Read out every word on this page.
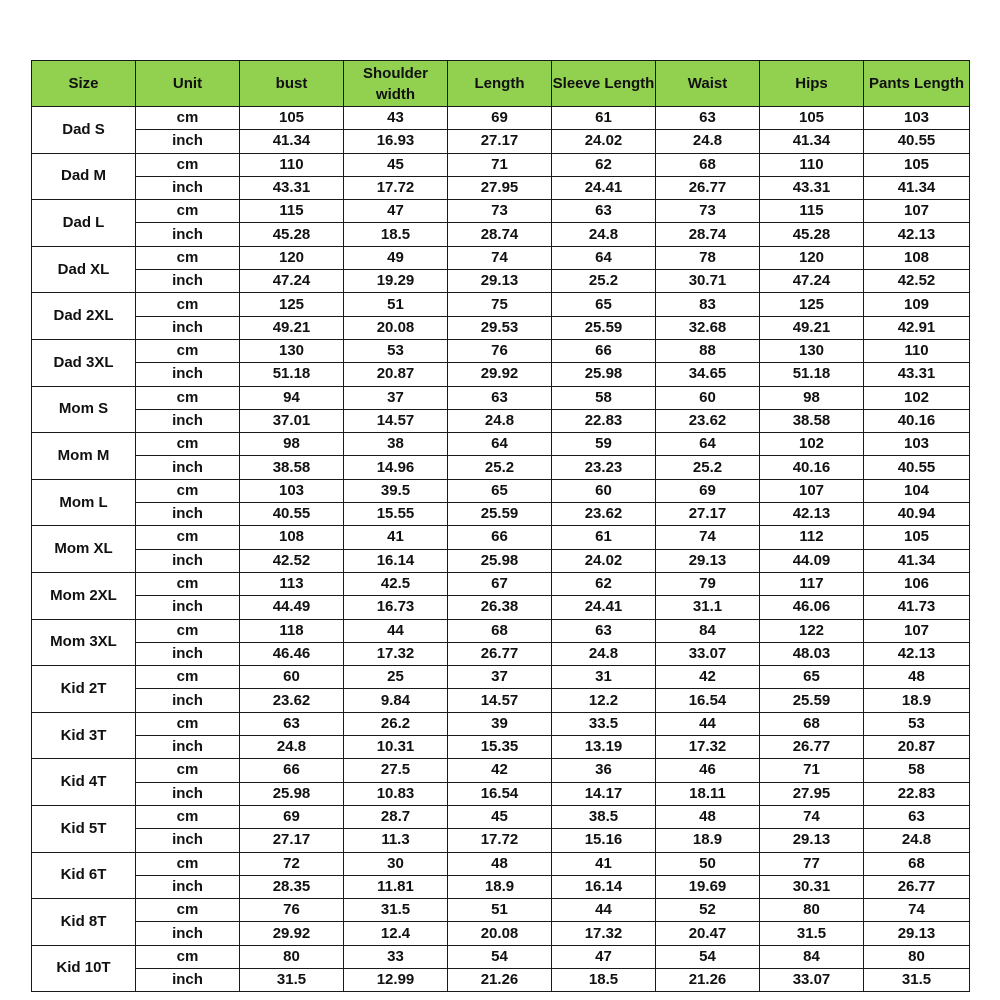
Size	Unit	bust	Shoulder width	Length	Sleeve Length	Waist	Hips	Pants Length
Dad S	cm	105	43	69	61	63	105	103
	inch	41.34	16.93	27.17	24.02	24.8	41.34	40.55
Dad M	cm	110	45	71	62	68	110	105
	inch	43.31	17.72	27.95	24.41	26.77	43.31	41.34
Dad L	cm	115	47	73	63	73	115	107
	inch	45.28	18.5	28.74	24.8	28.74	45.28	42.13
Dad XL	cm	120	49	74	64	78	120	108
	inch	47.24	19.29	29.13	25.2	30.71	47.24	42.52
Dad 2XL	cm	125	51	75	65	83	125	109
	inch	49.21	20.08	29.53	25.59	32.68	49.21	42.91
Dad 3XL	cm	130	53	76	66	88	130	110
	inch	51.18	20.87	29.92	25.98	34.65	51.18	43.31
Mom S	cm	94	37	63	58	60	98	102
	inch	37.01	14.57	24.8	22.83	23.62	38.58	40.16
Mom M	cm	98	38	64	59	64	102	103
	inch	38.58	14.96	25.2	23.23	25.2	40.16	40.55
Mom L	cm	103	39.5	65	60	69	107	104
	inch	40.55	15.55	25.59	23.62	27.17	42.13	40.94
Mom XL	cm	108	41	66	61	74	112	105
	inch	42.52	16.14	25.98	24.02	29.13	44.09	41.34
Mom 2XL	cm	113	42.5	67	62	79	117	106
	inch	44.49	16.73	26.38	24.41	31.1	46.06	41.73
Mom 3XL	cm	118	44	68	63	84	122	107
	inch	46.46	17.32	26.77	24.8	33.07	48.03	42.13
Kid 2T	cm	60	25	37	31	42	65	48
	inch	23.62	9.84	14.57	12.2	16.54	25.59	18.9
Kid 3T	cm	63	26.2	39	33.5	44	68	53
	inch	24.8	10.31	15.35	13.19	17.32	26.77	20.87
Kid 4T	cm	66	27.5	42	36	46	71	58
	inch	25.98	10.83	16.54	14.17	18.11	27.95	22.83
Kid 5T	cm	69	28.7	45	38.5	48	74	63
	inch	27.17	11.3	17.72	15.16	18.9	29.13	24.8
Kid 6T	cm	72	30	48	41	50	77	68
	inch	28.35	11.81	18.9	16.14	19.69	30.31	26.77
Kid 8T	cm	76	31.5	51	44	52	80	74
	inch	29.92	12.4	20.08	17.32	20.47	31.5	29.13
Kid 10T	cm	80	33	54	47	54	84	80
	inch	31.5	12.99	21.26	18.5	21.26	33.07	31.5
